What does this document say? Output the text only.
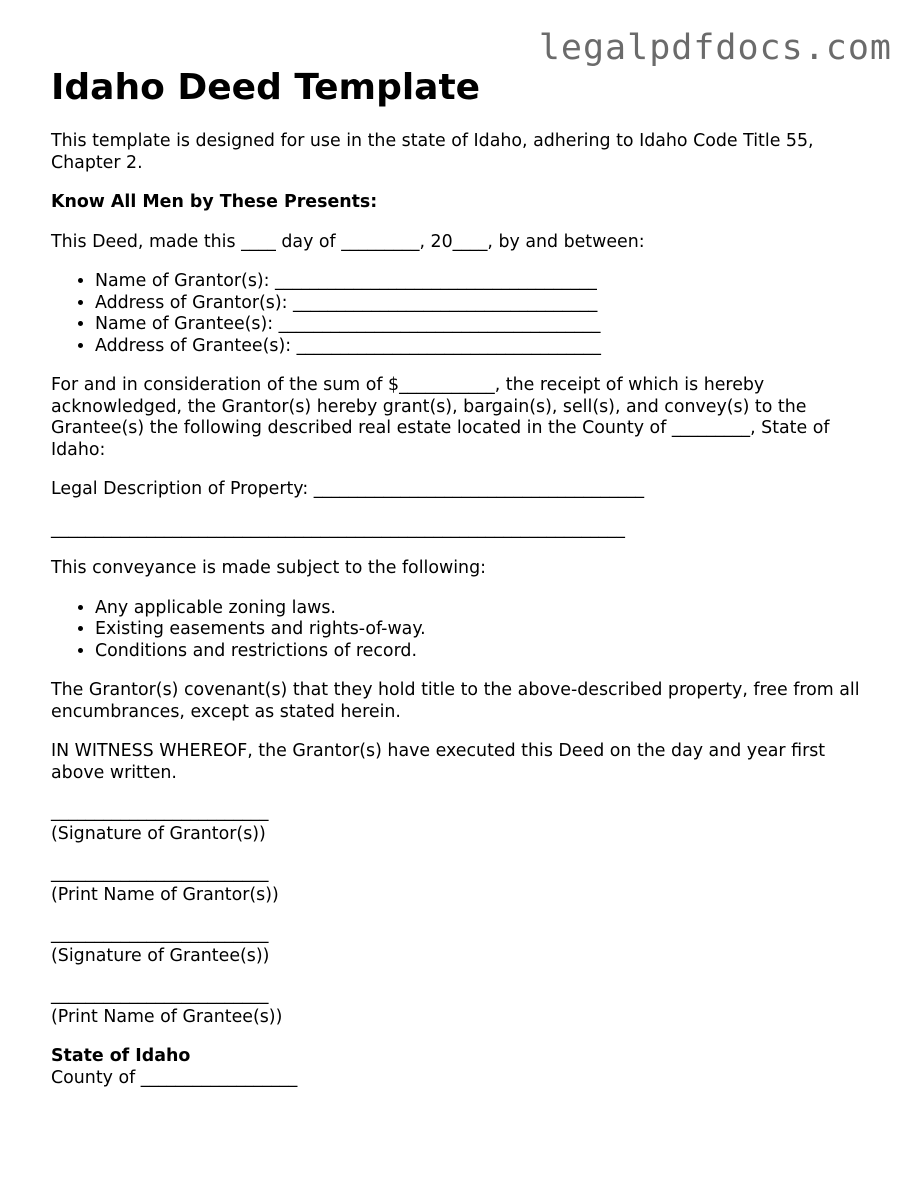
legalpdfdocs.com
Idaho Deed Template

This template is designed for use in the state of Idaho, adhering to Idaho Code Title 55, Chapter 2.

Know All Men by These Presents:

This Deed, made this ____ day of _________, 20____, by and between:

• Name of Grantor(s): _____________________________________
• Address of Grantor(s): ___________________________________
• Name of Grantee(s): _____________________________________
• Address of Grantee(s): ___________________________________

For and in consideration of the sum of $___________, the receipt of which is hereby acknowledged, the Grantor(s) hereby grant(s), bargain(s), sell(s), and convey(s) to the Grantee(s) the following described real estate located in the County of _________, State of Idaho:

Legal Description of Property: ______________________________________

__________________________________________________________________

This conveyance is made subject to the following:

• Any applicable zoning laws.
• Existing easements and rights-of-way.
• Conditions and restrictions of record.

The Grantor(s) covenant(s) that they hold title to the above-described property, free from all encumbrances, except as stated herein.

IN WITNESS WHEREOF, the Grantor(s) have executed this Deed on the day and year first above written.

_________________________
(Signature of Grantor(s))
_________________________
(Print Name of Grantor(s))
_________________________
(Signature of Grantee(s))
_________________________
(Print Name of Grantee(s))
State of Idaho
County of __________________
